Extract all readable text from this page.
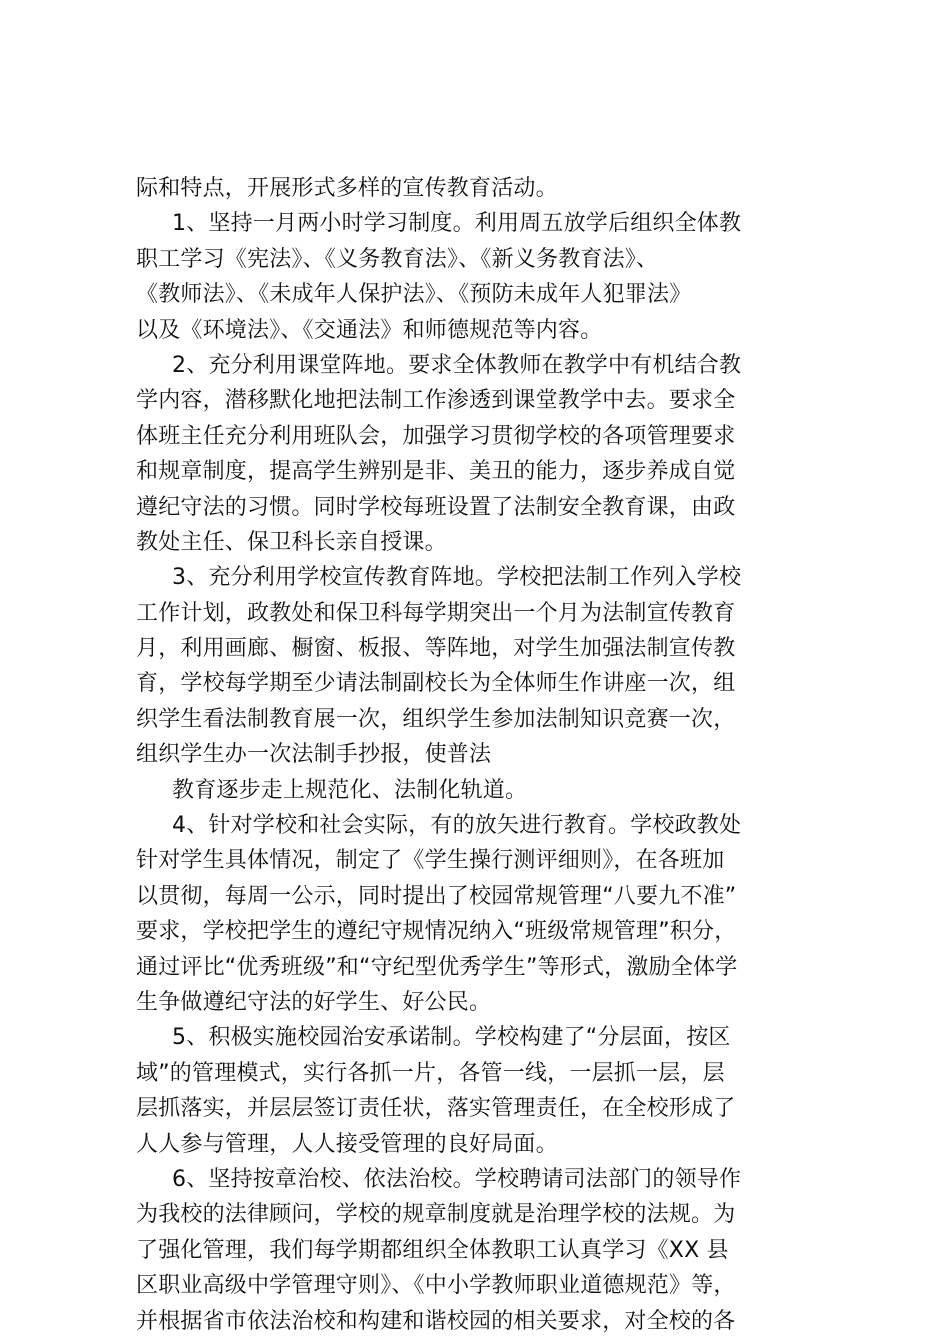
际和特点，开展形式多样的宣传教育活动。
1、坚持一月两小时学习制度。利用周五放学后组织全体教
职工学习《宪法》、《义务教育法》、《新义务教育法》、
《教师法》、《未成年人保护法》、《预防未成年人犯罪法》
以及《环境法》、《交通法》和师德规范等内容。
2、充分利用课堂阵地。要求全体教师在教学中有机结合教
学内容，潜移默化地把法制工作渗透到课堂教学中去。要求全
体班主任充分利用班队会，加强学习贯彻学校的各项管理要求
和规章制度，提高学生辨别是非、美丑的能力，逐步养成自觉
遵纪守法的习惯。同时学校每班设置了法制安全教育课，由政
教处主任、保卫科长亲自授课。
3、充分利用学校宣传教育阵地。学校把法制工作列入学校
工作计划，政教处和保卫科每学期突出一个月为法制宣传教育
月，利用画廊、橱窗、板报、等阵地，对学生加强法制宣传教
育，学校每学期至少请法制副校长为全体师生作讲座一次，组
织学生看法制教育展一次，组织学生参加法制知识竞赛一次，
组织学生办一次法制手抄报，使普法
教育逐步走上规范化、法制化轨道。
4、针对学校和社会实际，有的放矢进行教育。学校政教处
针对学生具体情况，制定了《学生操行测评细则》，在各班加
以贯彻，每周一公示，同时提出了校园常规管理“八要九不准”
要求，学校把学生的遵纪守规情况纳入“班级常规管理”积分，
通过评比“优秀班级”和“守纪型优秀学生”等形式，激励全体学
生争做遵纪守法的好学生、好公民。
5、积极实施校园治安承诺制。学校构建了“分层面，按区
域”的管理模式，实行各抓一片，各管一线，一层抓一层，层
层抓落实，并层层签订责任状，落实管理责任，在全校形成了
人人参与管理，人人接受管理的良好局面。
6、坚持按章治校、依法治校。学校聘请司法部门的领导作
为我校的法律顾问，学校的规章制度就是治理学校的法规。为
了强化管理，我们每学期都组织全体教职工认真学习《XX 县
区职业高级中学管理守则》、《中小学教师职业道德规范》等，
并根据省市依法治校和构建和谐校园的相关要求，对全校的各
